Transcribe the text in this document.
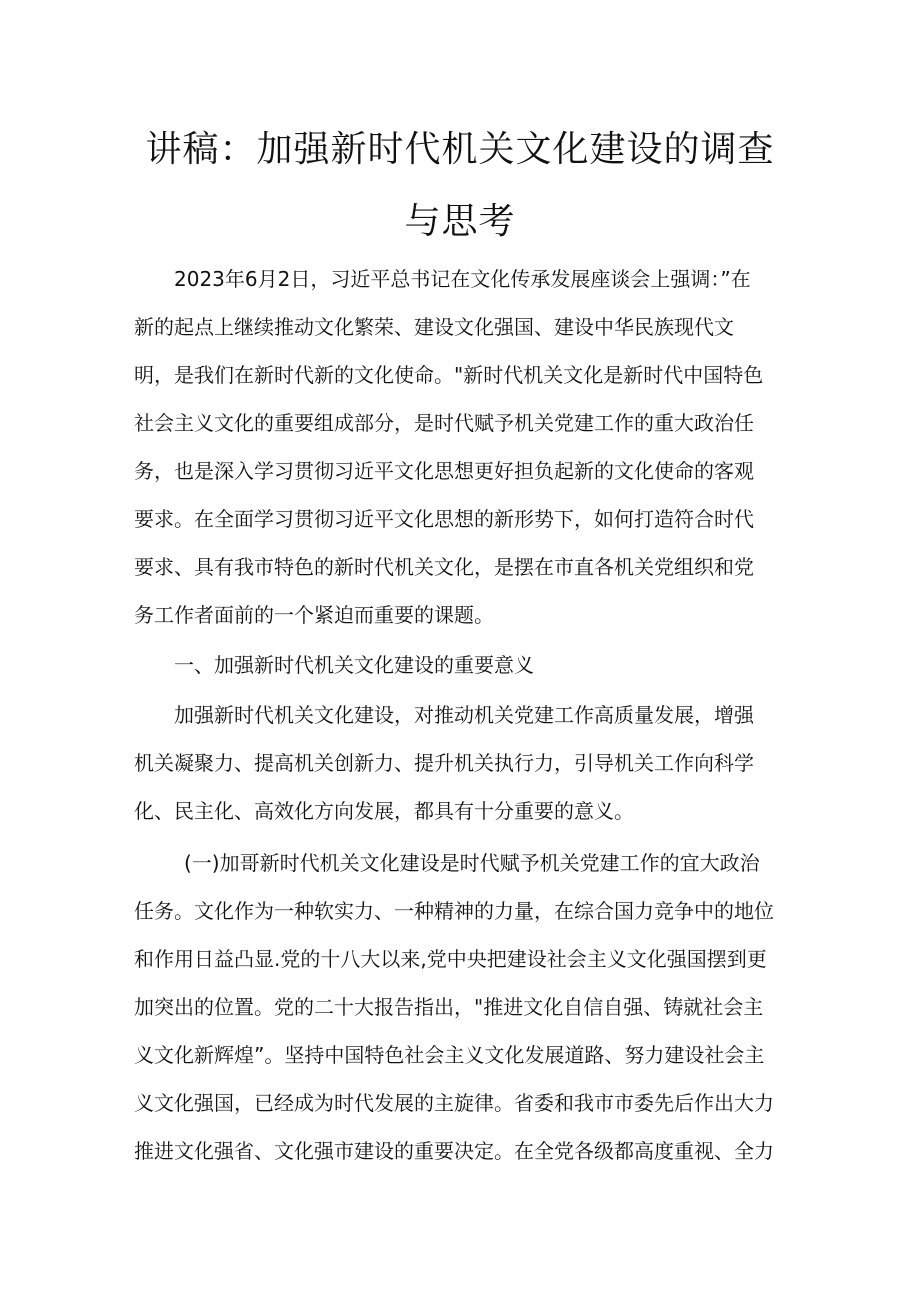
讲稿：加强新时代机关文化建设的调查
与思考
2023年6月2日，习近平总书记在文化传承发展座谈会上强调：”在
新的起点上继续推动文化繁荣、建设文化强国、建设中华民族现代文
明，是我们在新时代新的文化使命。"新时代机关文化是新时代中国特色
社会主义文化的重要组成部分，是时代赋予机关党建工作的重大政治任
务，也是深入学习贯彻习近平文化思想更好担负起新的文化使命的客观
要求。在全面学习贯彻习近平文化思想的新形势下，如何打造符合时代
要求、具有我市特色的新时代机关文化，是摆在市直各机关党组织和党
务工作者面前的一个紧迫而重要的课题。
一、加强新时代机关文化建设的重要意义
加强新时代机关文化建设，对推动机关党建工作高质量发展，增强
机关凝聚力、提高机关创新力、提升机关执行力，引导机关工作向科学
化、民主化、高效化方向发展，都具有十分重要的意义。
(一)加哥新时代机关文化建设是时代赋予机关党建工作的宜大政治
任务。文化作为一种软实力、一种精神的力量，在综合国力竞争中的地位
和作用日益凸显.党的十八大以来,党中央把建设社会主义文化强国摆到更
加突出的位置。党的二十大报告指出，"推进文化自信自强、铸就社会主
义文化新辉煌”。坚持中国特色社会主义文化发展道路、努力建设社会主
义文化强国，已经成为时代发展的主旋律。省委和我市市委先后作出大力
推进文化强省、文化强市建设的重要决定。在全党各级都高度重视、全力
